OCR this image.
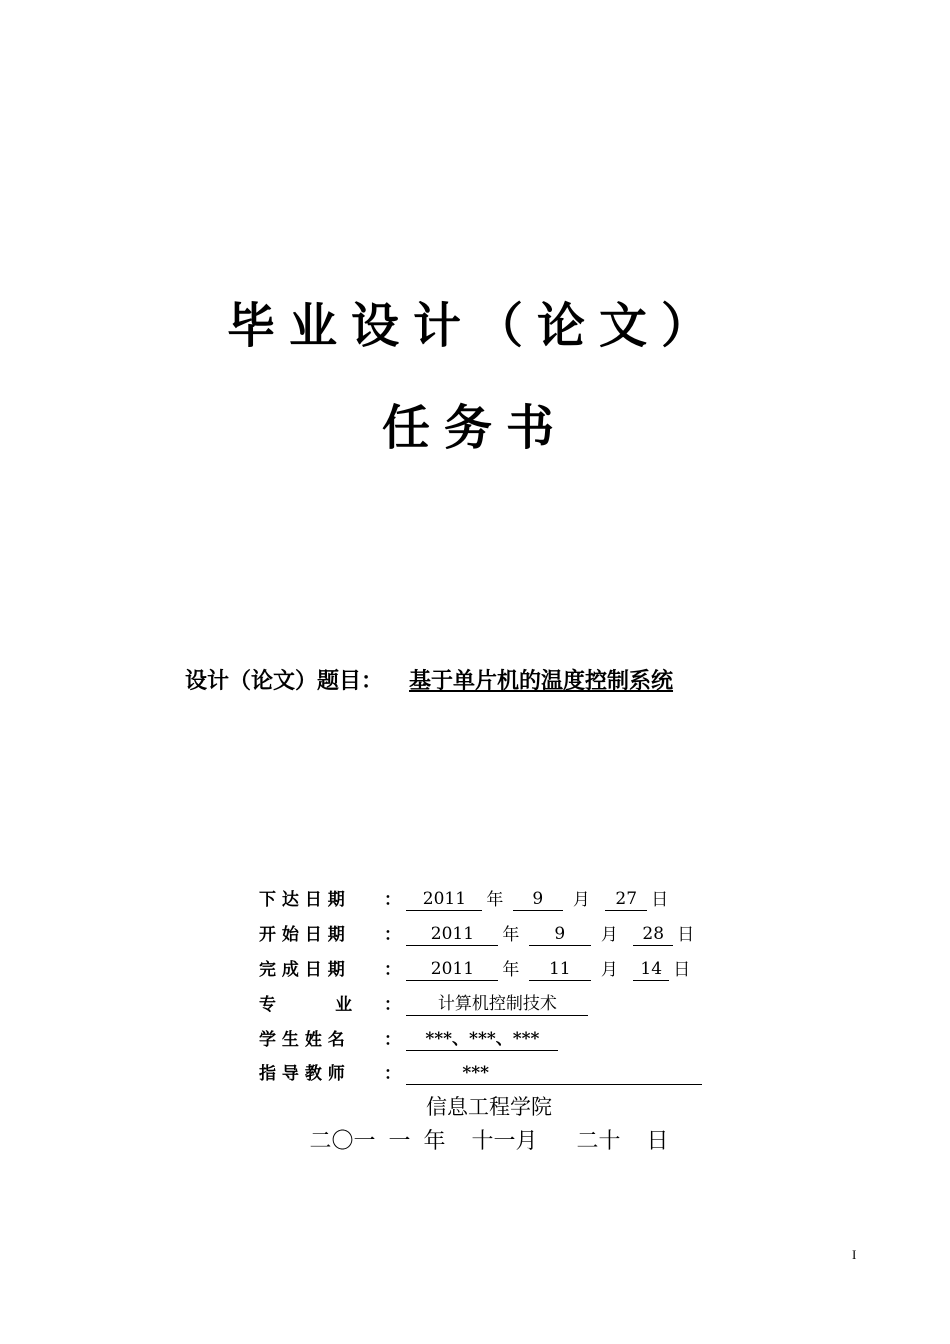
毕业设计（论文）
任务书
设计（论文）题目： 基于单片机的温度控制系统
下 达 日 期 ： 2011 年 9 月 27 日
开 始 日 期 ： 2011 年 9 月 28 日
完 成 日 期 ： 2011 年 11 月 14 日
专          业 ： 计算机控制技术
学 生 姓 名 ： ***、***、***
指 导 教 师 ：	***
信息工程学院
二〇一 一 年  十一月   二十  日
I
